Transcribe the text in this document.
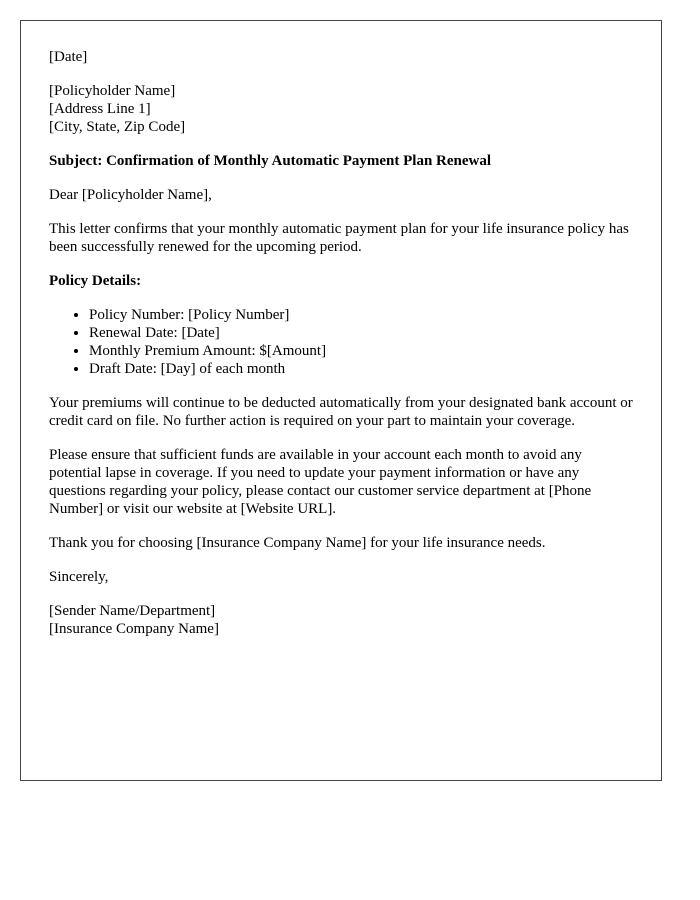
[Date]

[Policyholder Name]
[Address Line 1]
[City, State, Zip Code]

Subject: Confirmation of Monthly Automatic Payment Plan Renewal

Dear [Policyholder Name],

This letter confirms that your monthly automatic payment plan for your life insurance policy has been successfully renewed for the upcoming period.

Policy Details:

• Policy Number: [Policy Number]
• Renewal Date: [Date]
• Monthly Premium Amount: $[Amount]
• Draft Date: [Day] of each month

Your premiums will continue to be deducted automatically from your designated bank account or credit card on file. No further action is required on your part to maintain your coverage.

Please ensure that sufficient funds are available in your account each month to avoid any potential lapse in coverage. If you need to update your payment information or have any questions regarding your policy, please contact our customer service department at [Phone Number] or visit our website at [Website URL].

Thank you for choosing [Insurance Company Name] for your life insurance needs.

Sincerely,

[Sender Name/Department]
[Insurance Company Name]
